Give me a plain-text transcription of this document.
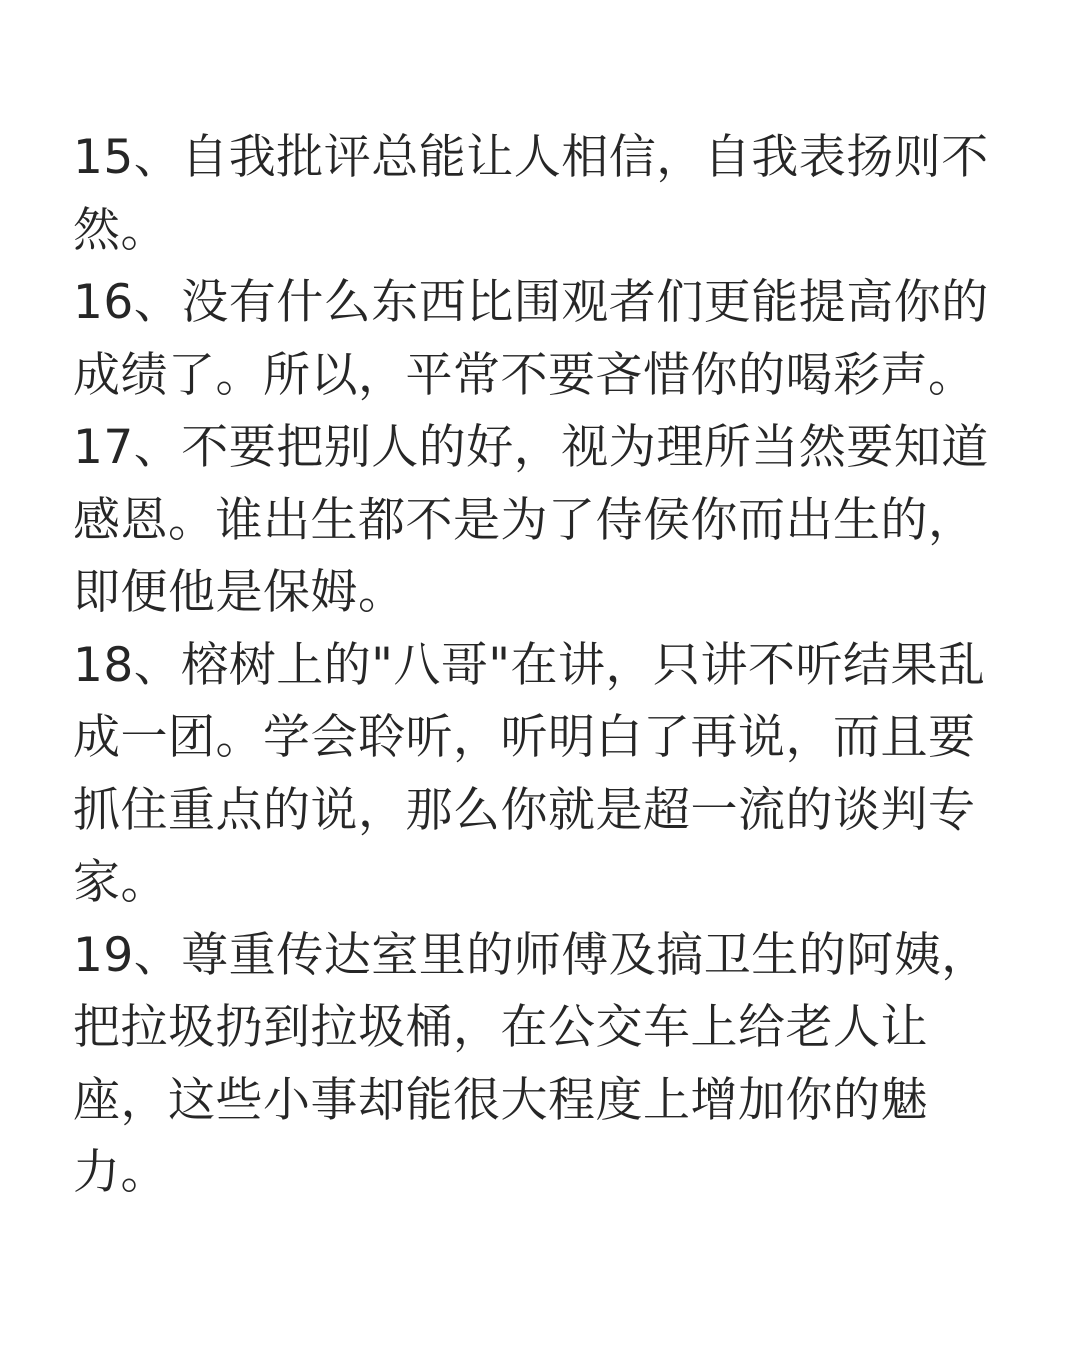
15、自我批评总能让人相信，自我表扬则不
然。
16、没有什么东西比围观者们更能提高你的
成绩了。所以，平常不要吝惜你的喝彩声。
17、不要把别人的好，视为理所当然要知道
感恩。谁出生都不是为了侍侯你而出生的，
即便他是保姆。
18、榕树上的"八哥"在讲，只讲不听结果乱
成一团。学会聆听，听明白了再说，而且要
抓住重点的说，那么你就是超一流的谈判专
家。
19、尊重传达室里的师傅及搞卫生的阿姨，
把拉圾扔到拉圾桶，在公交车上给老人让
座，这些小事却能很大程度上增加你的魅
力。
